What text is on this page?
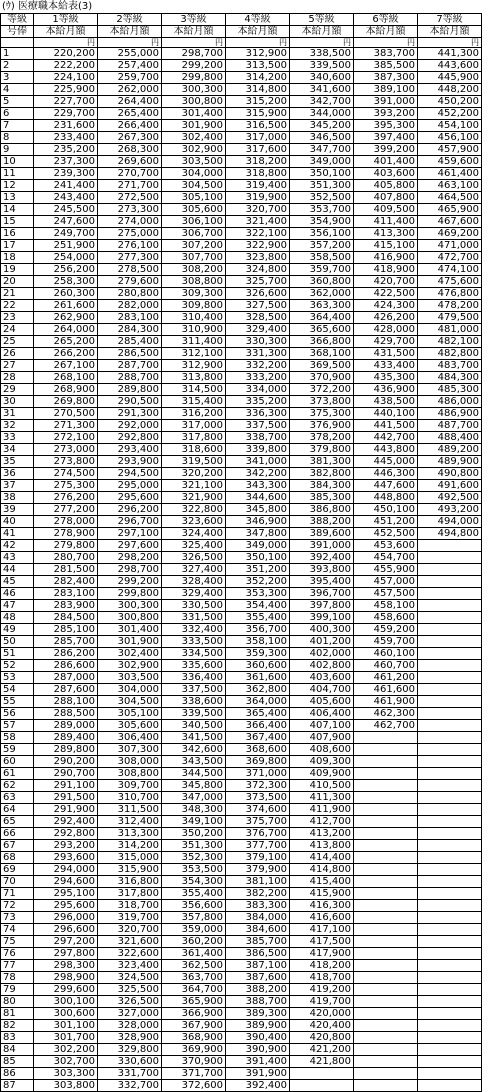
(ｳ) 医療職本給表(3)
等級	1等級	2等級	3等級	4等級	5等級	6等級	7等級
号俸	本給月額	本給月額	本給月額	本給月額	本給月額	本給月額	本給月額
	円	円	円	円	円	円	円
1	220,200	255,000	298,700	312,900	338,500	383,700	441,300
2	222,200	257,400	299,200	313,500	339,500	385,500	443,600
3	224,100	259,700	299,800	314,200	340,600	387,300	445,900
4	225,900	262,000	300,300	314,800	341,600	389,100	448,200
5	227,700	264,400	300,800	315,200	342,700	391,000	450,200
6	229,700	265,400	301,400	315,900	344,000	393,200	452,200
7	231,600	266,400	301,900	316,500	345,200	395,300	454,100
8	233,400	267,300	302,400	317,000	346,500	397,400	456,100
9	235,200	268,300	302,900	317,600	347,700	399,200	457,900
10	237,300	269,600	303,500	318,200	349,000	401,400	459,600
11	239,300	270,700	304,000	318,800	350,100	403,600	461,400
12	241,400	271,700	304,500	319,400	351,300	405,800	463,100
13	243,400	272,500	305,100	319,900	352,500	407,800	464,500
14	245,500	273,300	305,600	320,700	353,700	409,500	465,900
15	247,600	274,000	306,100	321,400	354,900	411,400	467,600
16	249,700	275,000	306,700	322,100	356,100	413,300	469,200
17	251,900	276,100	307,200	322,900	357,200	415,100	471,000
18	254,000	277,300	307,700	323,800	358,500	416,900	472,700
19	256,200	278,500	308,200	324,800	359,700	418,900	474,100
20	258,300	279,600	308,800	325,700	360,800	420,700	475,600
21	260,300	280,800	309,300	326,600	362,000	422,500	476,800
22	261,600	282,000	309,800	327,500	363,300	424,300	478,200
23	262,900	283,100	310,400	328,500	364,400	426,200	479,500
24	264,000	284,300	310,900	329,400	365,600	428,000	481,000
25	265,200	285,400	311,400	330,300	366,800	429,700	482,100
26	266,200	286,500	312,100	331,300	368,100	431,500	482,800
27	267,100	287,700	312,900	332,200	369,500	433,400	483,700
28	268,100	288,700	313,800	333,200	370,900	435,300	484,300
29	268,900	289,800	314,500	334,000	372,200	436,900	485,300
30	269,800	290,500	315,400	335,200	373,800	438,500	486,000
31	270,500	291,300	316,200	336,300	375,300	440,100	486,900
32	271,300	292,000	317,000	337,500	376,900	441,500	487,700
33	272,100	292,800	317,800	338,700	378,200	442,700	488,400
34	273,000	293,400	318,600	339,800	379,800	443,800	489,200
35	273,800	293,900	319,500	341,000	381,300	445,000	489,900
36	274,500	294,500	320,200	342,200	382,800	446,300	490,800
37	275,300	295,000	321,100	343,300	384,300	447,600	491,600
38	276,200	295,600	321,900	344,600	385,300	448,800	492,500
39	277,200	296,200	322,800	345,800	386,800	450,100	493,200
40	278,000	296,700	323,600	346,900	388,200	451,200	494,000
41	278,900	297,100	324,400	347,800	389,600	452,500	494,800
42	279,800	297,600	325,400	349,000	391,000	453,600	
43	280,700	298,200	326,500	350,100	392,400	454,700	
44	281,500	298,700	327,400	351,200	393,800	455,900	
45	282,400	299,200	328,400	352,200	395,400	457,000	
46	283,100	299,800	329,400	353,300	396,700	457,500	
47	283,900	300,300	330,500	354,400	397,800	458,100	
48	284,500	300,800	331,500	355,400	399,100	458,600	
49	285,100	301,400	332,400	356,700	400,300	459,200	
50	285,700	301,900	333,500	358,100	401,200	459,700	
51	286,200	302,400	334,500	359,300	402,000	460,100	
52	286,600	302,900	335,600	360,600	402,800	460,700	
53	287,000	303,500	336,400	361,600	403,600	461,200	
54	287,600	304,000	337,500	362,800	404,700	461,600	
55	288,100	304,500	338,600	364,000	405,600	461,900	
56	288,500	305,100	339,500	365,400	406,400	462,300	
57	289,000	305,600	340,500	366,400	407,100	462,700	
58	289,400	306,400	341,500	367,400	407,900		
59	289,800	307,300	342,600	368,600	408,600		
60	290,200	308,000	343,500	369,800	409,300		
61	290,700	308,800	344,500	371,000	409,900		
62	291,100	309,700	345,800	372,300	410,500		
63	291,500	310,700	347,000	373,500	411,300		
64	291,900	311,500	348,300	374,600	411,900		
65	292,400	312,400	349,100	375,700	412,700		
66	292,800	313,300	350,200	376,700	413,200		
67	293,200	314,200	351,300	377,700	413,800		
68	293,600	315,000	352,300	379,100	414,400		
69	294,000	315,900	353,500	379,900	414,800		
70	294,600	316,800	354,300	381,100	415,400		
71	295,100	317,800	355,400	382,200	415,900		
72	295,600	318,700	356,600	383,300	416,300		
73	296,000	319,700	357,800	384,000	416,600		
74	296,600	320,700	359,000	384,600	417,100		
75	297,200	321,600	360,200	385,700	417,500		
76	297,800	322,600	361,400	386,500	417,900		
77	298,300	323,400	362,500	387,100	418,200		
78	298,900	324,500	363,700	387,600	418,700		
79	299,600	325,500	364,700	388,200	419,200		
80	300,100	326,500	365,900	388,700	419,700		
81	300,600	327,000	366,900	389,300	420,000		
82	301,100	328,000	367,900	389,900	420,400		
83	301,700	328,900	368,900	390,400	420,800		
84	302,200	329,800	369,900	390,900	421,200		
85	302,700	330,600	370,900	391,400	421,800		
86	303,300	331,700	371,700	391,900			
87	303,800	332,700	372,600	392,400			
